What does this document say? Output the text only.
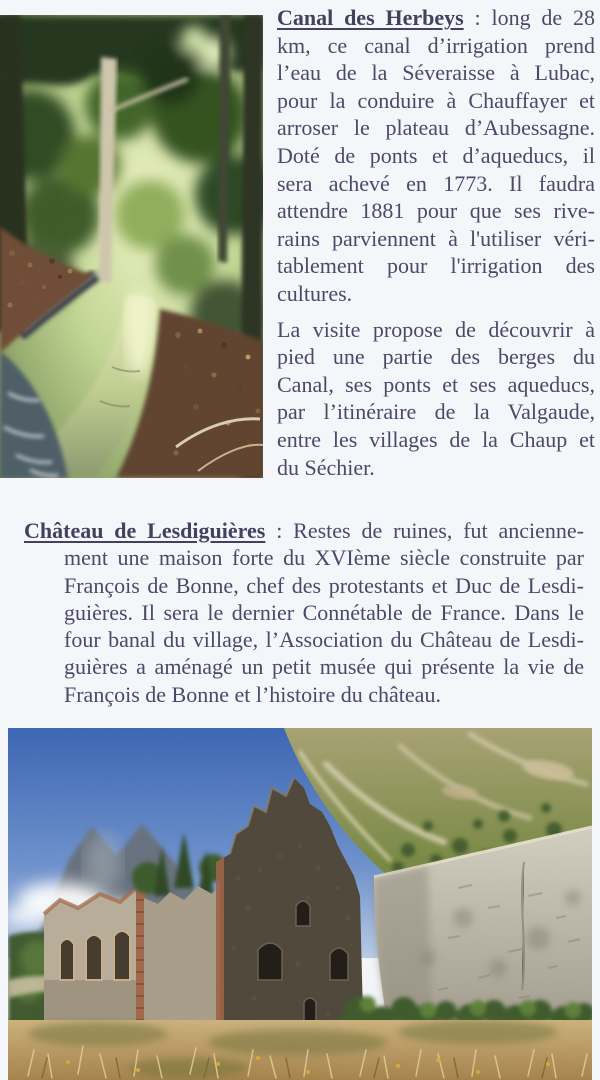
Canal des Herbeys : long de 28
km, ce canal d’irrigation prend
l’eau de la Séveraisse à Lubac,
pour la conduire à Chauffayer et
arroser le plateau d’Aubessagne.
Doté de ponts et d’aqueducs, il
sera achevé en 1773. Il faudra
attendre 1881 pour que ses rive-
rains parviennent à l'utiliser véri-
tablement pour l'irrigation des
cultures.
La visite propose de découvrir à
pied une partie des berges du
Canal, ses ponts et ses aqueducs,
par l’itinéraire de la Valgaude,
entre les villages de la Chaup et
du Séchier.
Château de Lesdiguières : Restes de ruines, fut ancienne-
ment une maison forte du XVIème siècle construite par
François de Bonne, chef des protestants et Duc de Lesdi-
guières. Il sera le dernier Connétable de France. Dans le
four banal du village, l’Association du Château de Lesdi-
guières a aménagé un petit musée qui présente la vie de
François de Bonne et l’histoire du château.
